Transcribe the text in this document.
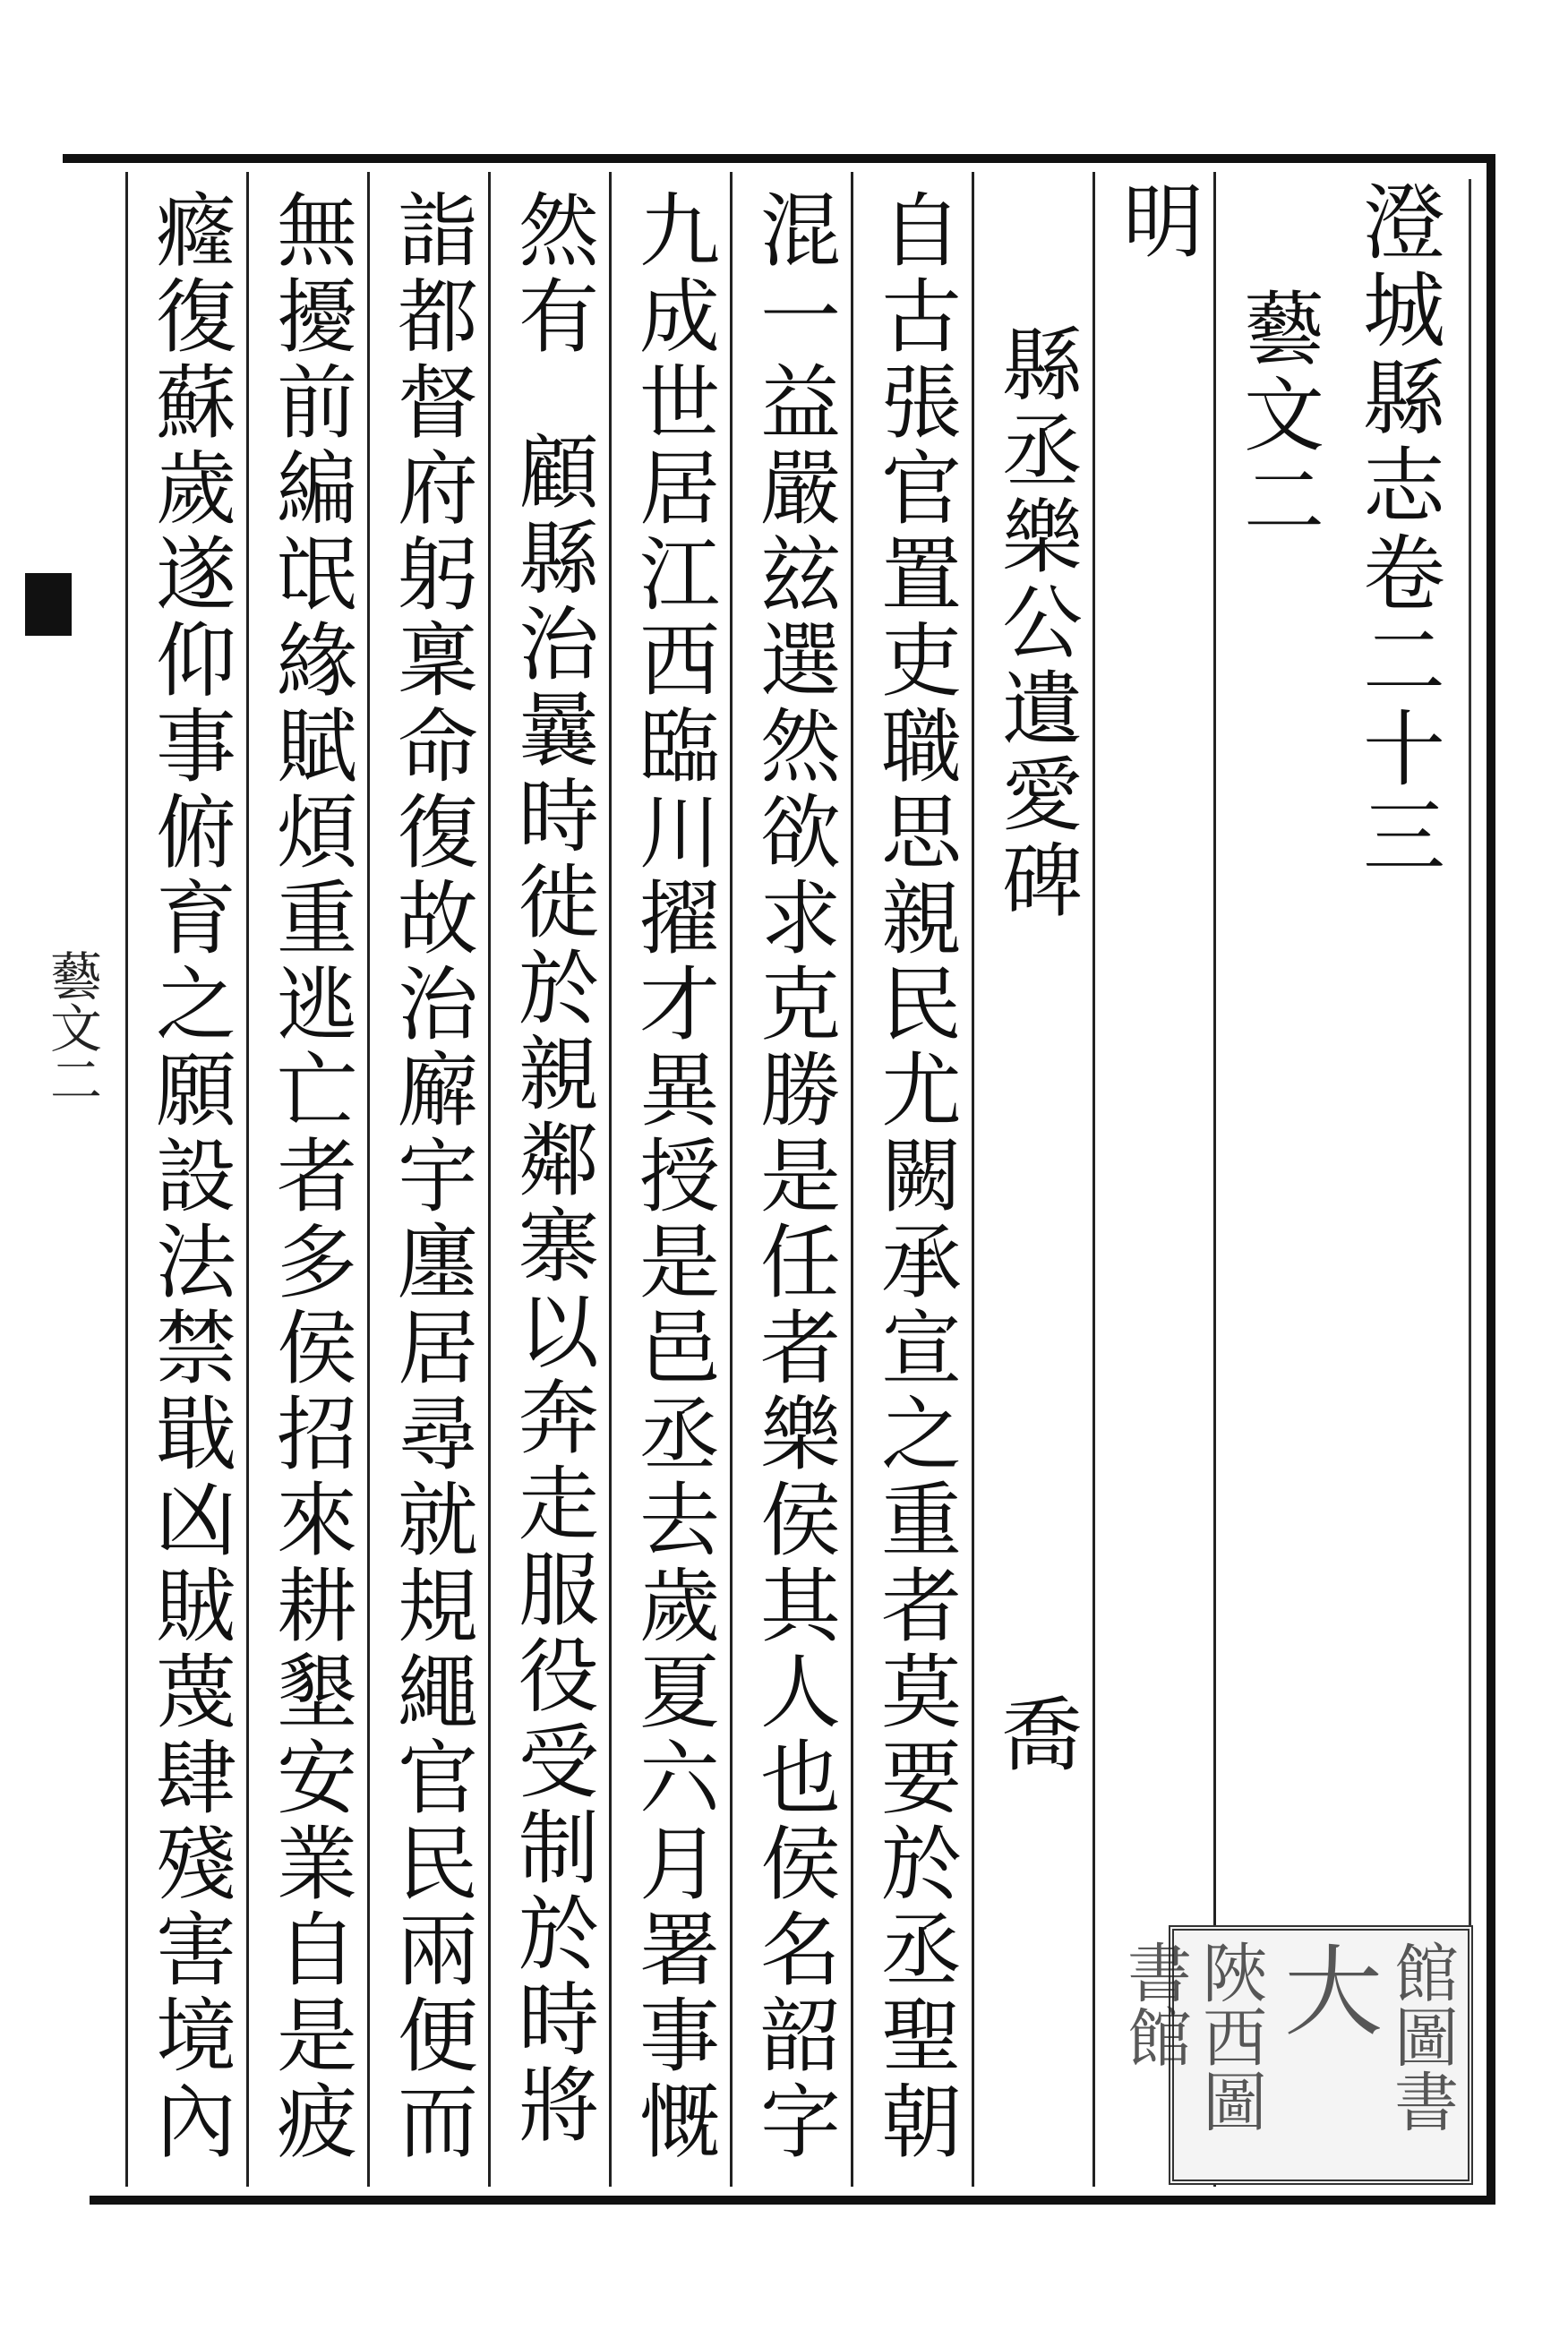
澄城縣志卷二十三
藝文二
明
縣丞樂公遺愛碑
喬
自古張官置吏職思親民尤闕承宣之重者莫要於丞聖朝
混一益嚴玆選然欲求克勝是任者樂侯其人也侯名韶字
九成世居江西臨川擢才異授是邑丞去歲夏六月署事慨
然有
顧縣治曩時徙於親鄰寨以奔走服役受制於時將
詣都督府躬稟命復故治廨宇廛居尋就規繩官民兩便而
無擾前編氓緣賦煩重逃亡者多侯招來耕墾安業自是疲
癃復蘇歲遂仰事俯育之願設法禁戢凶賊蔑肆殘害境內
藝文二
陜西圖書館 大 館圖書
